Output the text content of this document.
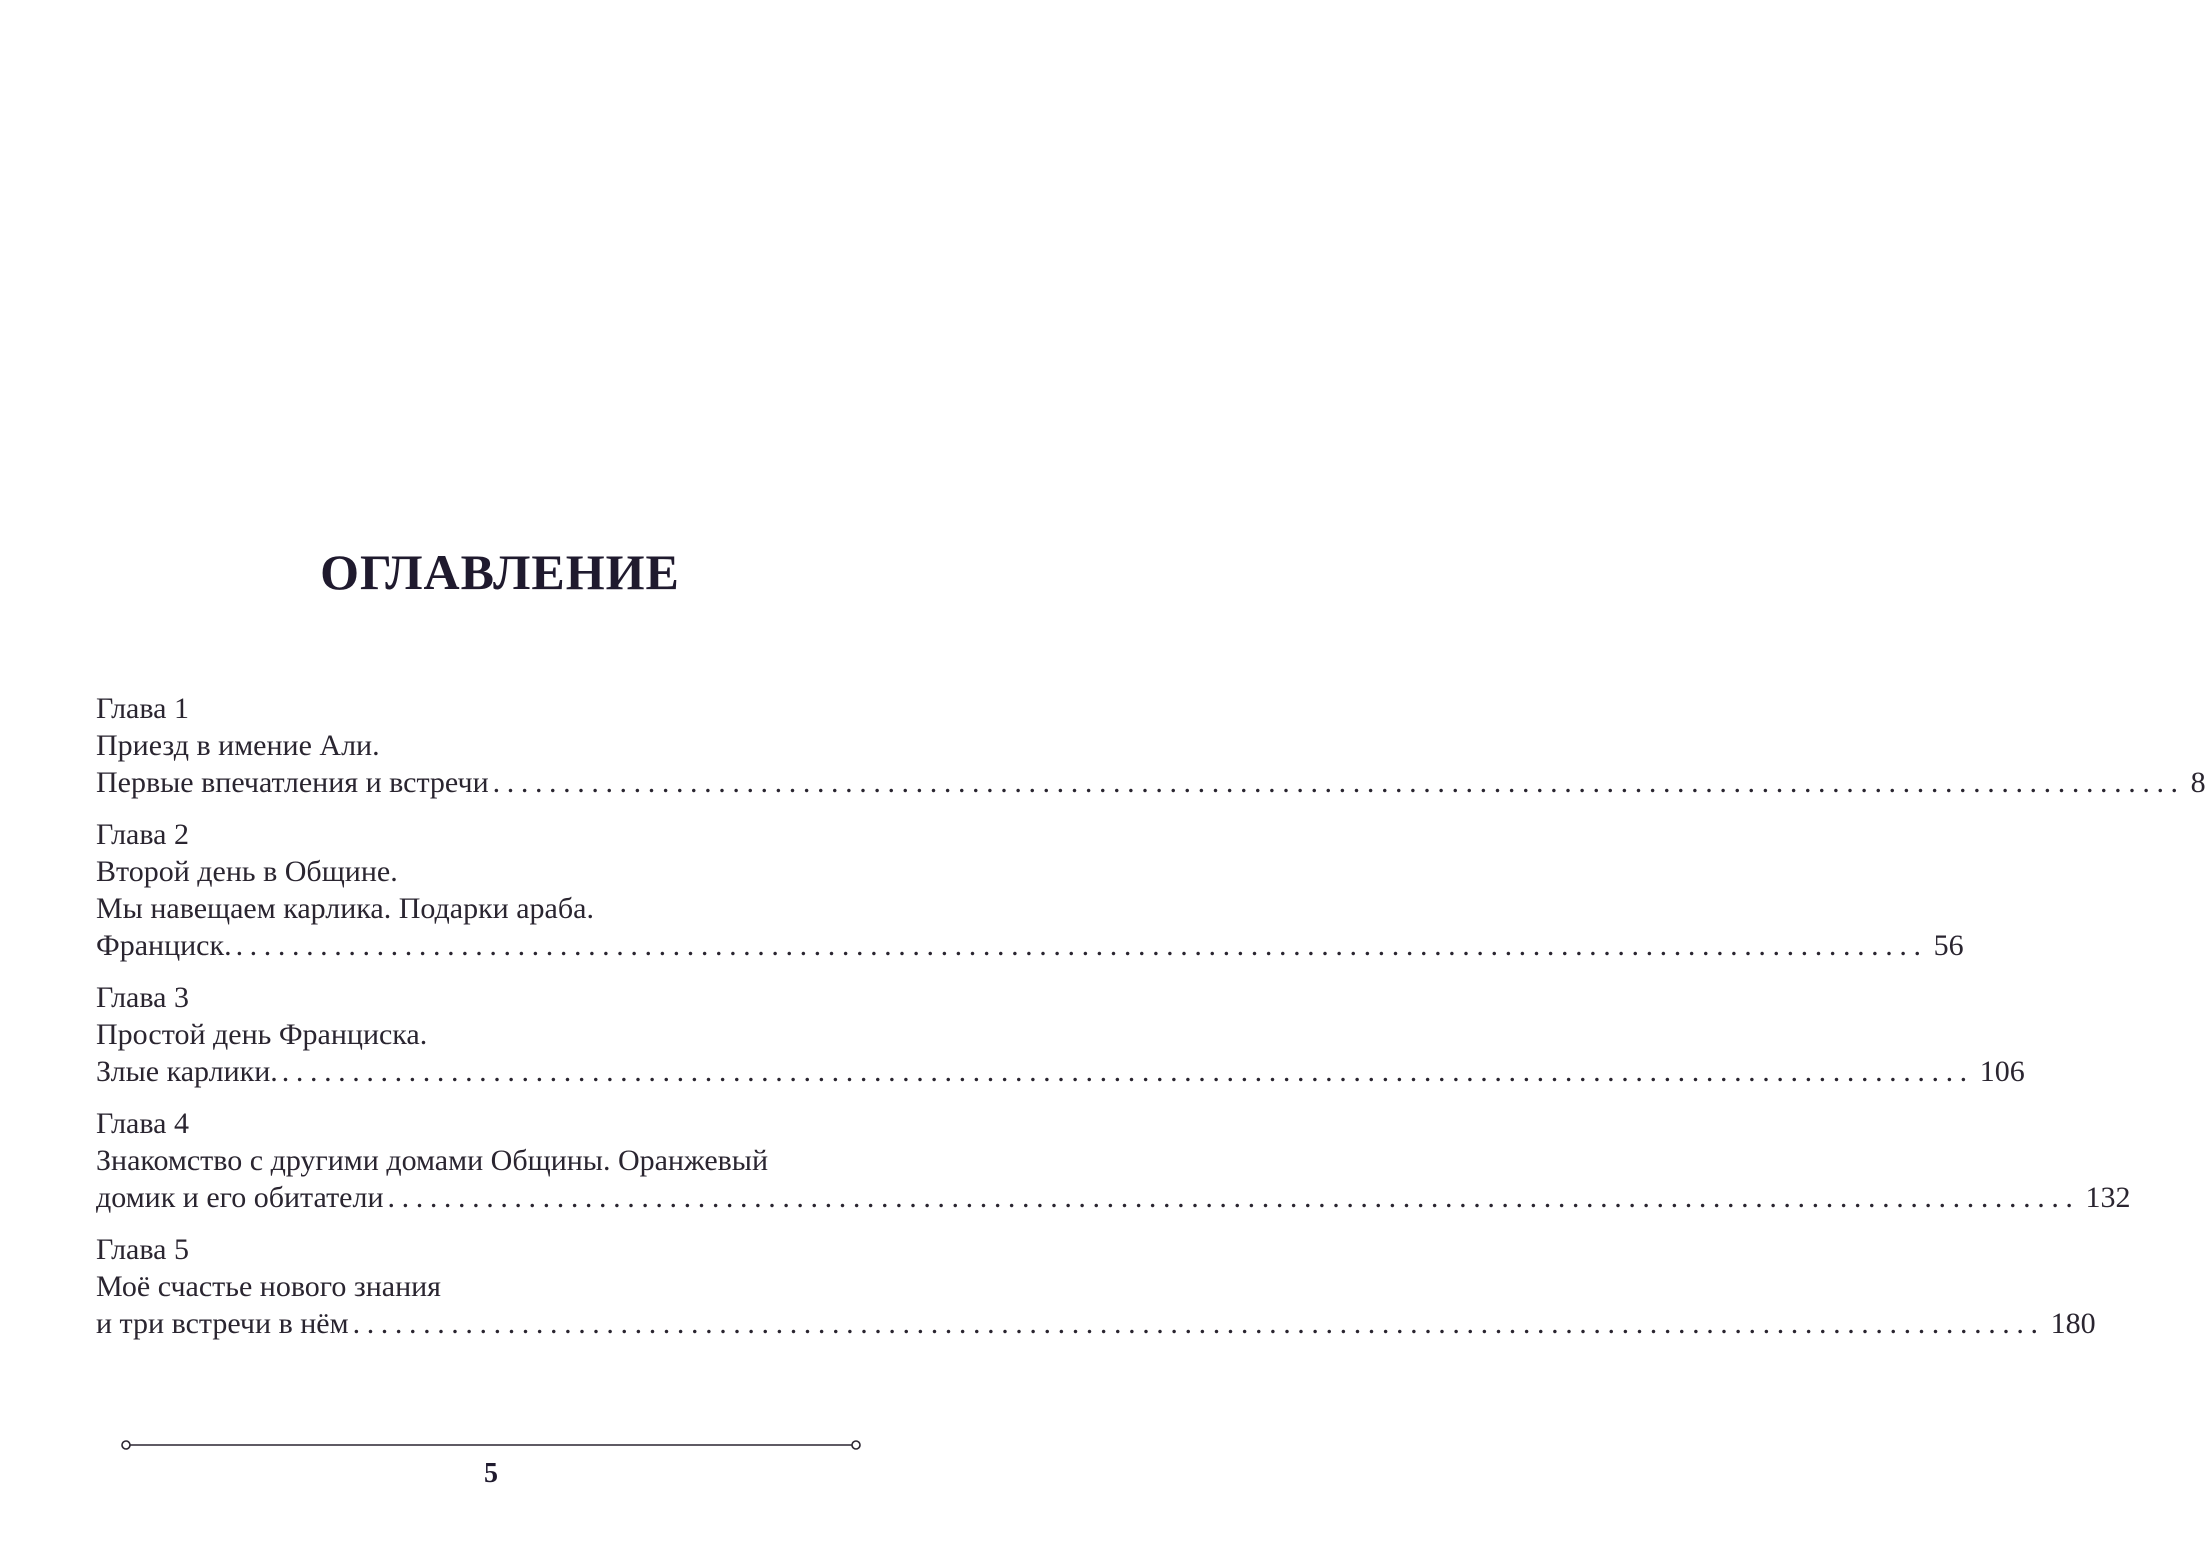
ОГЛАВЛЕНИЕ
Глава 1
Приезд в имение Али.
Первые впечатления и встречи ........................................................................................................................ 8
Глава 2
Второй день в Общине.
Мы навещаем карлика. Подарки араба.
Франциск. ........................................................................................................................ 56
Глава 3
Простой день Франциска.
Злые карлики. ........................................................................................................................ 106
Глава 4
Знакомство с другими домами Общины. Оранжевый
домик и его обитатели ........................................................................................................................ 132
Глава 5
Моё счастье нового знания
и три встречи в нём ........................................................................................................................ 180
5
